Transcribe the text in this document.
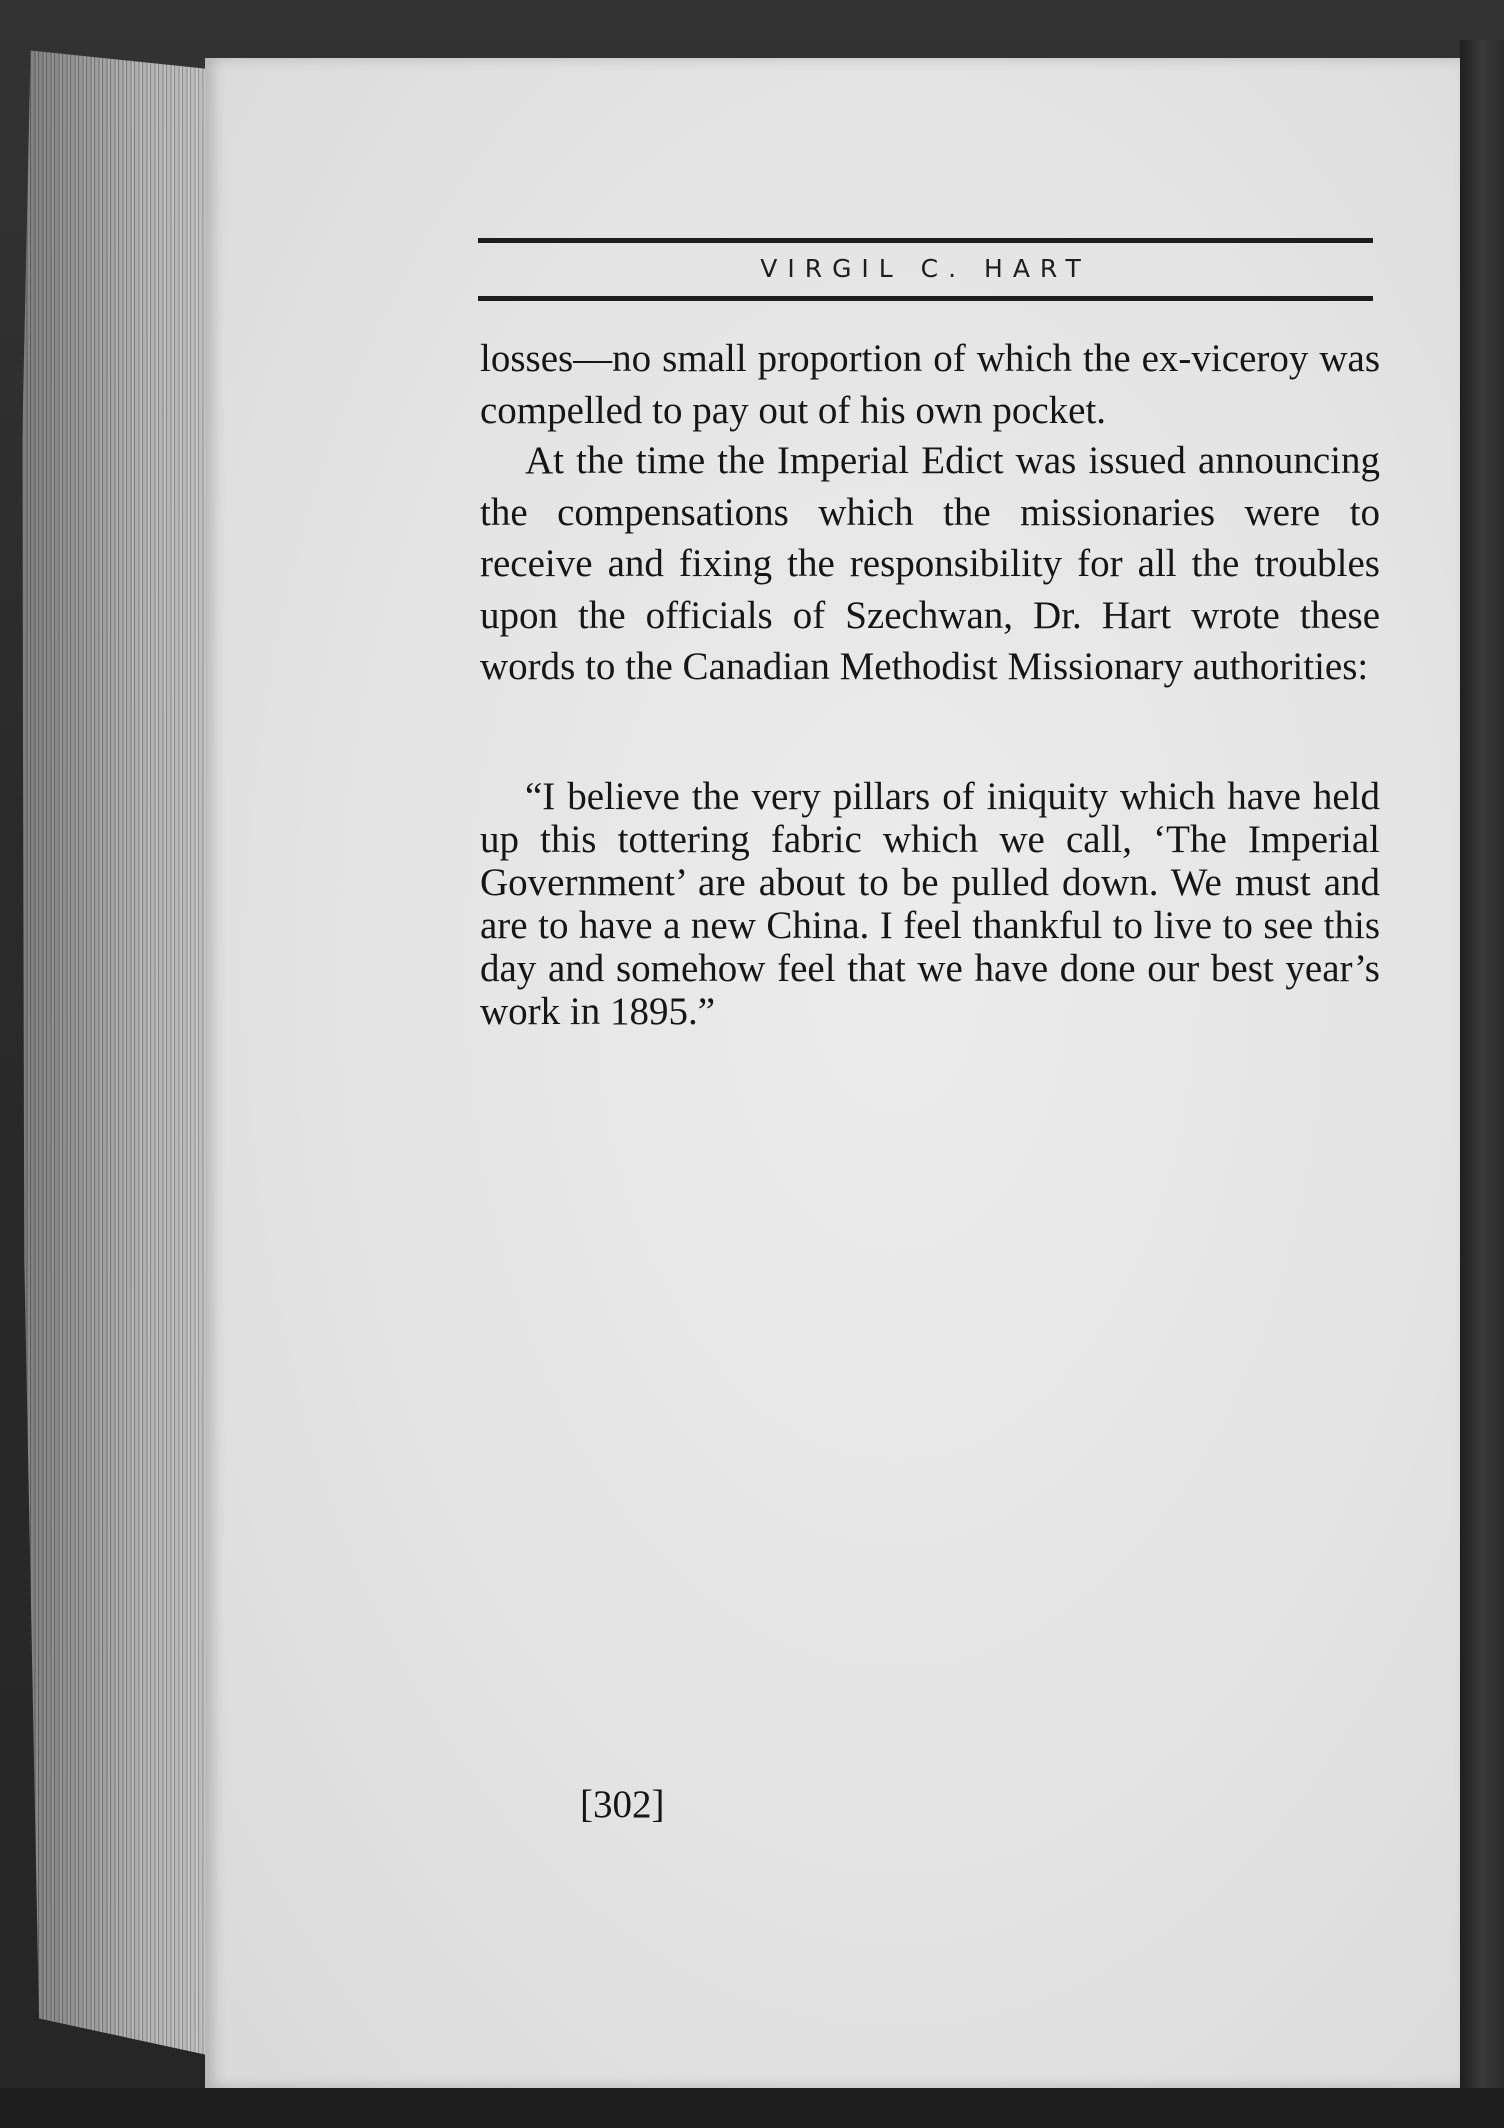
VIRGIL C. HART

losses—no small proportion of which the ex-viceroy was compelled to pay out of his own pocket.

At the time the Imperial Edict was issued announcing the compensations which the missionaries were to receive and fixing the responsibility for all the troubles upon the officials of Szechwan, Dr. Hart wrote these words to the Canadian Methodist Missionary authorities:

“I believe the very pillars of iniquity which have held up this tottering fabric which we call, ‘The Imperial Government’ are about to be pulled down. We must and are to have a new China. I feel thankful to live to see this day and somehow feel that we have done our best year’s work in 1895.”

[302]
